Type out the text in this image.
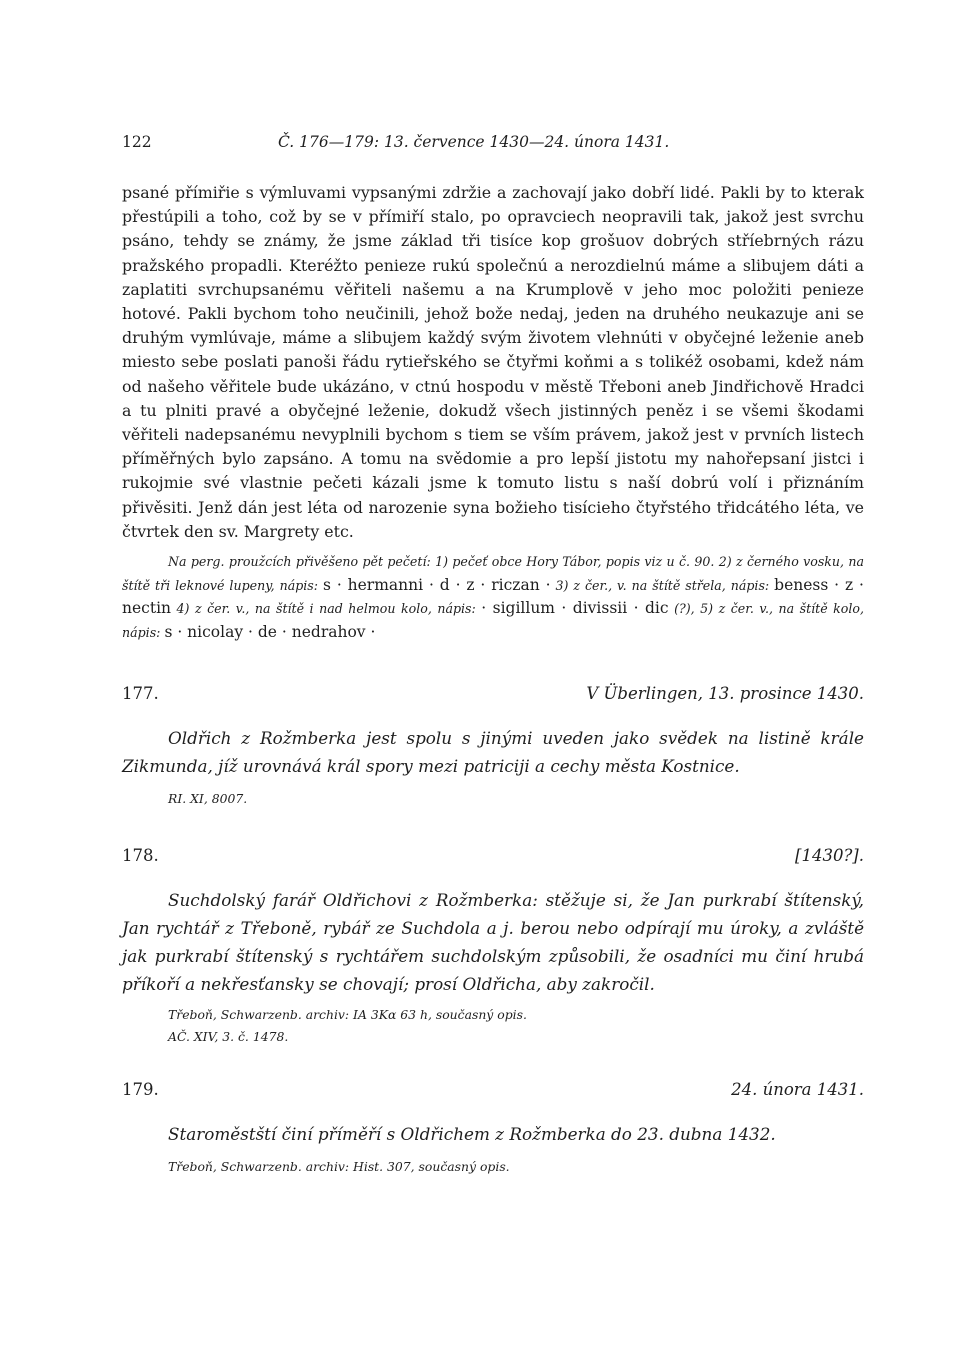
122	Č. 176—179: 13. července 1430—24. února 1431.

psané přímiřie s výmluvami vypsanými zdržie a zachovají jako dobří lidé. Pakli by to kterak přestúpili a toho, což by se v přímiří stalo, po opravciech neopravili tak, jakož jest svrchu psáno, tehdy se známy, že jsme základ tři tisíce kop grošuov dobrých stříebrných rázu pražského propadli. Kteréžto penieze rukú společnú a nerozdielnú máme a slibujem dáti a zaplatiti svrchupsanému věřiteli našemu a na Krumplově v jeho moc položiti penieze hotové. Pakli bychom toho neučinili, jehož bože nedaj, jeden na druhého neukazuje ani se druhým vymlúvaje, máme a slibujem každý svým životem vlehnúti v obyčejné leženie aneb miesto sebe poslati panoši řádu rytieřského se čtyřmi koňmi a s tolikéž osobami, kdež nám od našeho věřitele bude ukázáno, v ctnú hospodu v městě Třeboni aneb Jindřichově Hradci a tu plniti pravé a obyčejné leženie, dokudž všech jistinných peněz i se všemi škodami věřiteli nadepsanému nevyplnili bychom s tiem se vším právem, jakož jest v prvních listech příměřných bylo zapsáno. A tomu na svědomie a pro lepší jistotu my nahořepsaní jistci i rukojmie své vlastnie pečeti kázali jsme k tomuto listu s naší dobrú volí i přiznáním přivěsiti. Jenž dán jest léta od narozenie syna božieho tisícieho čtyřstého třidcátého léta, ve čtvrtek den sv. Margrety etc.

Na perg. proužcích přivěšeno pět pečetí: 1) pečeť obce Hory Tábor, popis viz u č. 90. 2) z černého vosku, na štítě tři leknové lupeny, nápis: s · hermanni · d · z · riczan · 3) z čer., v. na štítě střela, nápis: beness · z · nectin 4) z čer. v., na štítě i nad helmou kolo, nápis: · sigillum · divissii · dic (?), 5) z čer. v., na štítě kolo, nápis: s · nicolay · de · nedrahov ·

177.	V Überlingen, 13. prosince 1430.

Oldřich z Rožmberka jest spolu s jinými uveden jako svědek na listině krále Zikmunda, jíž urovnává král spory mezi patriciji a cechy města Kostnice.

RI. XI, 8007.
178.	[1430?].

Suchdolský farář Oldřichovi z Rožmberka: stěžuje si, že Jan purkrabí štítenský, Jan rychtář z Třeboně, rybář ze Suchdola a j. berou nebo odpírají mu úroky, a zvláště jak purkrabí štítenský s rychtářem suchdolským způsobili, že osadníci mu činí hrubá příkoří a nekřesťansky se chovají; prosí Oldřicha, aby zakročil.

Třeboň, Schwarzenb. archiv: IA 3Kα 63 h, současný opis.
AČ. XIV, 3. č. 1478.
179.	24. února 1431.

Staroměstští činí příměří s Oldřichem z Rožmberka do 23. dubna 1432.

Třeboň, Schwarzenb. archiv: Hist. 307, současný opis.
